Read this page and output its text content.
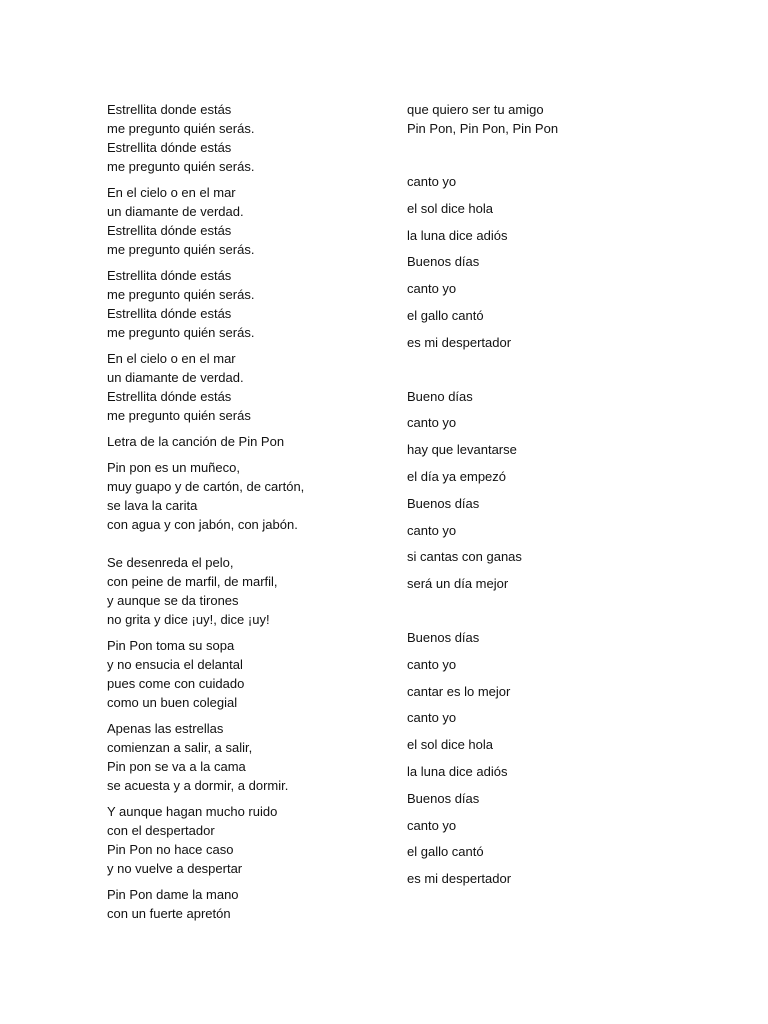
Estrellita donde estás
me pregunto quién serás.
Estrellita dónde estás
me pregunto quién serás.
En el cielo o en el mar
un diamante de verdad.
Estrellita dónde estás
me pregunto quién serás.
Estrellita dónde estás
me pregunto quién serás.
Estrellita dónde estás
me pregunto quién serás.
En el cielo o en el mar
un diamante de verdad.
Estrellita dónde estás
me pregunto quién serás
Letra de la canción de Pin Pon
Pin pon es un muñeco,
muy guapo y de cartón, de cartón,
se lava la carita
con agua y con jabón, con jabón.
Se desenreda el pelo,
con peine de marfil, de marfil,
y aunque se da tirones
no grita y dice ¡uy!, dice ¡uy!
Pin Pon toma su sopa
y no ensucia el delantal
pues come con cuidado
como un buen colegial
Apenas las estrellas
comienzan a salir, a salir,
Pin pon se va a la cama
se acuesta y a dormir, a dormir.
Y aunque hagan mucho ruido
con el despertador
Pin Pon no hace caso
y no vuelve a despertar
Pin Pon dame la mano
con un fuerte apretón
que quiero ser tu amigo
Pin Pon, Pin Pon, Pin Pon
canto yo
el sol dice hola
la luna dice adiós
Buenos días
canto yo
el gallo cantó
es mi despertador
Bueno días
canto yo
hay que levantarse
el día ya empezó
Buenos días
canto yo
si cantas con ganas
será un día mejor
Buenos días
canto yo
cantar es lo mejor
canto yo
el sol dice hola
la luna dice adiós
Buenos días
canto yo
el gallo cantó
es mi despertador
